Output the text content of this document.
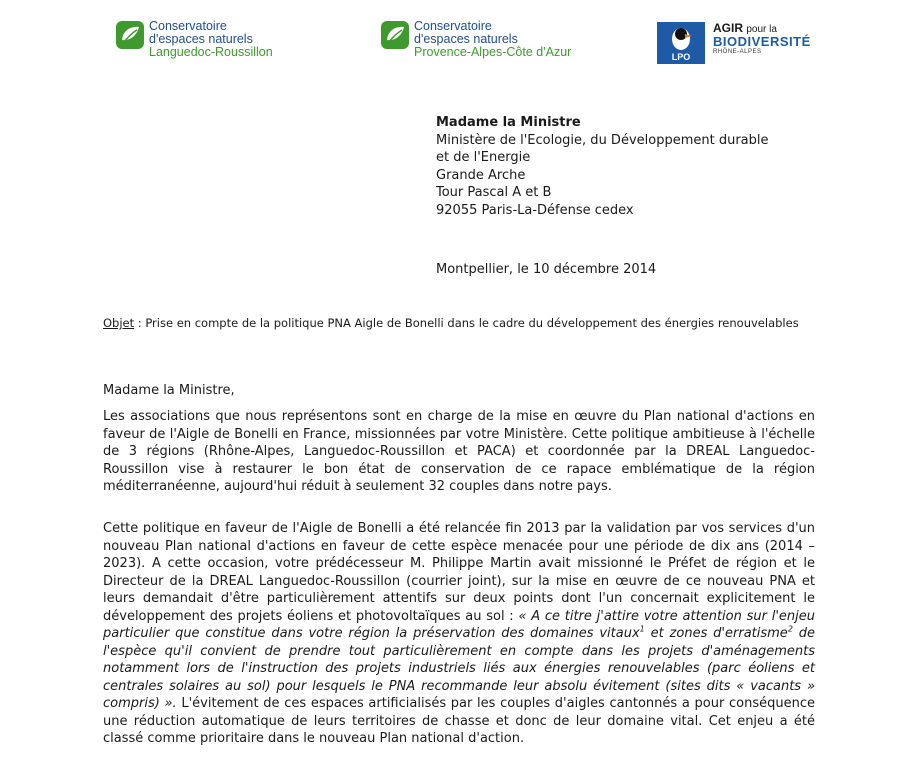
Conservatoire
d'espaces naturels
Languedoc-Roussillon
Conservatoire
d'espaces naturels
Provence-Alpes-Côte d'Azur	LPO
AGIR pour la
BIODIVERSITÉ
RHÔNE-ALPES
Madame la Ministre
Ministère de l'Ecologie, du Développement durable
et de l'Energie
Grande Arche
Tour Pascal A et B
92055 Paris-La-Défense cedex
Montpellier, le 10 décembre 2014
Objet : Prise en compte de la politique PNA Aigle de Bonelli dans le cadre du développement des énergies renouvelables
Madame la Ministre,

Les associations que nous représentons sont en charge de la mise en œuvre du Plan national d'actions en faveur de l'Aigle de Bonelli en France, missionnées par votre Ministère. Cette politique ambitieuse à l'échelle de 3 régions (Rhône-Alpes, Languedoc-Roussillon et PACA) et coordonnée par la DREAL Languedoc-Roussillon vise à restaurer le bon état de conservation de ce rapace emblématique de la région méditerranéenne, aujourd'hui réduit à seulement 32 couples dans notre pays.

Cette politique en faveur de l'Aigle de Bonelli a été relancée fin 2013 par la validation par vos services d'un nouveau Plan national d'actions en faveur de cette espèce menacée pour une période de dix ans (2014 – 2023). A cette occasion, votre prédécesseur M. Philippe Martin avait missionné le Préfet de région et le Directeur de la DREAL Languedoc-Roussillon (courrier joint), sur la mise en œuvre de ce nouveau PNA et leurs demandait d'être particulièrement attentifs sur deux points dont l'un concernait explicitement le développement des projets éoliens et photovoltaïques au sol : « A ce titre j'attire votre attention sur l'enjeu particulier que constitue dans votre région la préservation des domaines vitaux$^1$ et zones d'erratisme$^2$ de l'espèce qu'il convient de prendre tout particulièrement en compte dans les projets d'aménagements notamment lors de l'instruction des projets industriels liés aux énergies renouvelables (parc éoliens et centrales solaires au sol) pour lesquels le PNA recommande leur absolu évitement (sites dits « vacants » compris) ». L'évitement de ces espaces artificialisés par les couples d'aigles cantonnés a pour conséquence une réduction automatique de leurs territoires de chasse et donc de leur domaine vital. Cet enjeu a été classé comme prioritaire dans le nouveau Plan national d'action.
